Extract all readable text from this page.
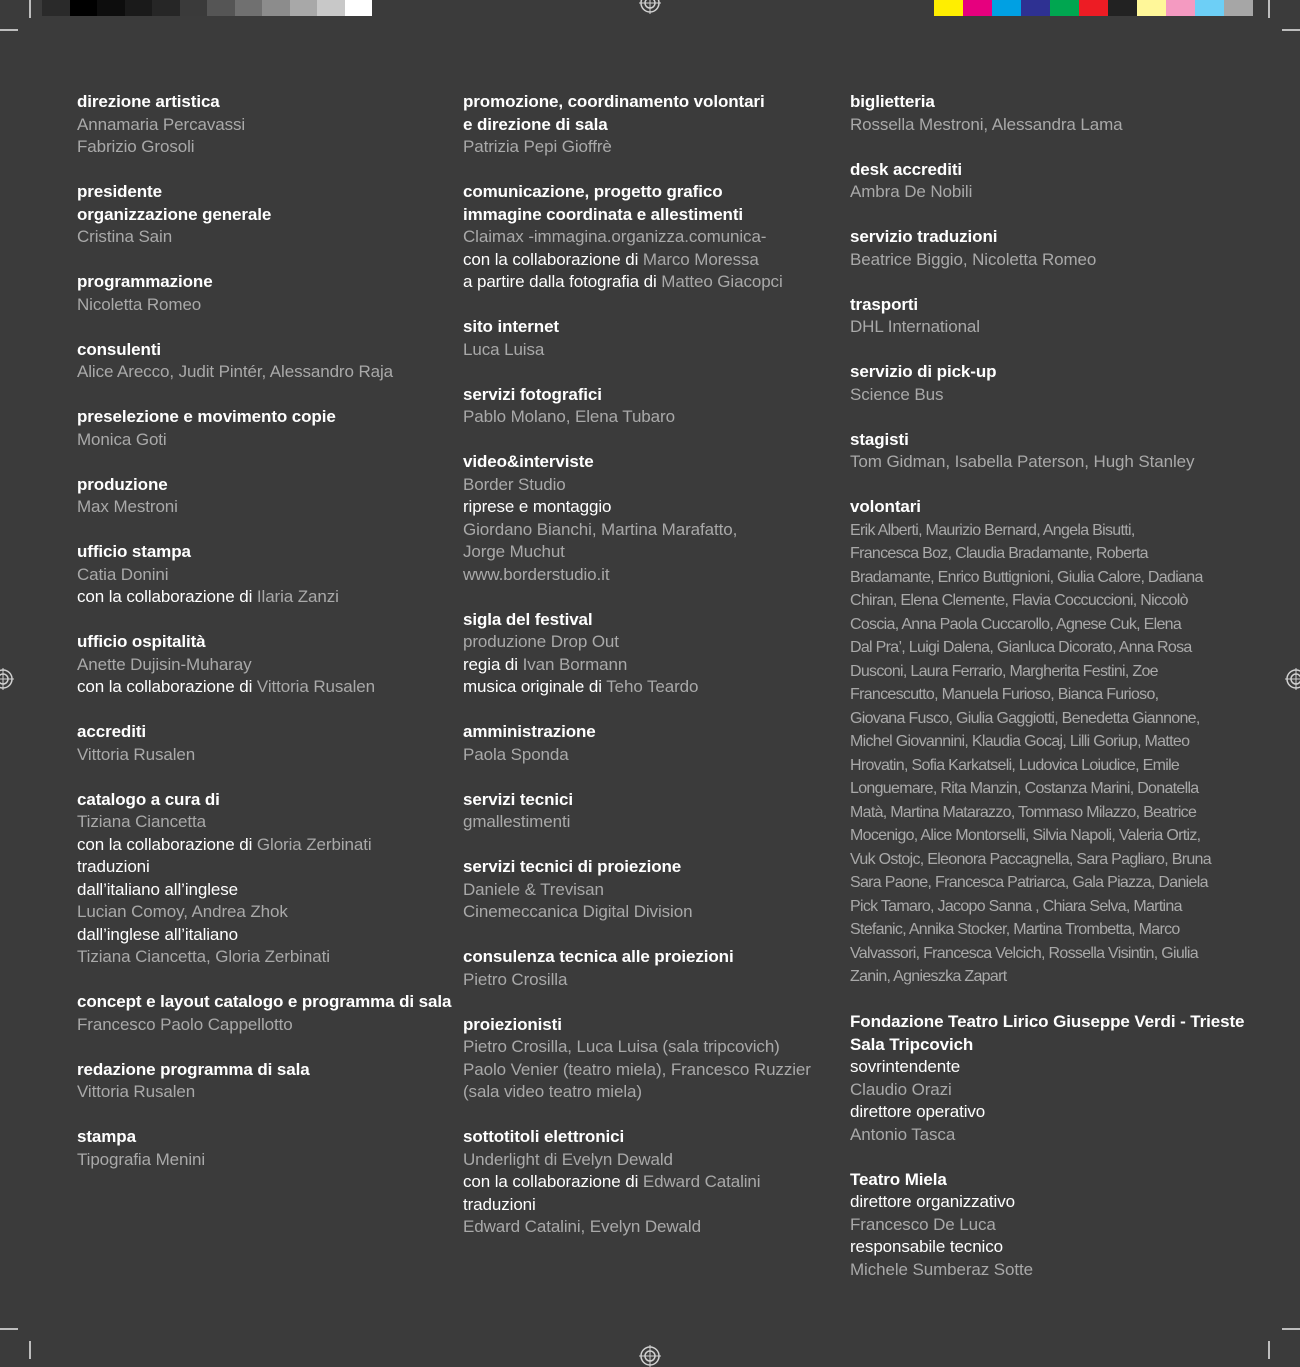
direzione artistica
Annamaria Percavassi
Fabrizio Grosoli
presidente
organizzazione generale
Cristina Sain
programmazione
Nicoletta Romeo
consulenti
Alice Arecco, Judit Pintér, Alessandro Raja
preselezione e movimento copie
Monica Goti
produzione
Max Mestroni
ufficio stampa
Catia Donini
con la collaborazione di Ilaria Zanzi
ufficio ospitalità
Anette Dujisin-Muharay
con la collaborazione di Vittoria Rusalen
accrediti
Vittoria Rusalen
catalogo a cura di
Tiziana Ciancetta
con la collaborazione di Gloria Zerbinati
traduzioni
dall’italiano all’inglese
Lucian Comoy, Andrea Zhok
dall’inglese all’italiano
Tiziana Ciancetta, Gloria Zerbinati
concept e layout catalogo e programma di sala
Francesco Paolo Cappellotto
redazione programma di sala
Vittoria Rusalen
stampa
Tipografia Menini
promozione, coordinamento volontari
e direzione di sala
Patrizia Pepi Gioffrè
comunicazione, progetto grafico
immagine coordinata e allestimenti
Claimax -immagina.organizza.comunica-
con la collaborazione di Marco Moressa
a partire dalla fotografia di Matteo Giacopci
sito internet
Luca Luisa
servizi fotografici
Pablo Molano, Elena Tubaro
video&interviste
Border Studio
riprese e montaggio
Giordano Bianchi, Martina Marafatto,
Jorge Muchut
www.borderstudio.it
sigla del festival
produzione Drop Out
regia di Ivan Bormann
musica originale di Teho Teardo
amministrazione
Paola Sponda
servizi tecnici
gmallestimenti
servizi tecnici di proiezione
Daniele & Trevisan
Cinemeccanica Digital Division
consulenza tecnica alle proiezioni
Pietro Crosilla
proiezionisti
Pietro Crosilla, Luca Luisa (sala tripcovich)
Paolo Venier (teatro miela), Francesco Ruzzier
(sala video teatro miela)
sottotitoli elettronici
Underlight di Evelyn Dewald
con la collaborazione di Edward Catalini
traduzioni
Edward Catalini, Evelyn Dewald
biglietteria
Rossella Mestroni, Alessandra Lama
desk accrediti
Ambra De Nobili
servizio traduzioni
Beatrice Biggio, Nicoletta Romeo
trasporti
DHL International
servizio di pick-up
Science Bus
stagisti
Tom Gidman, Isabella Paterson, Hugh Stanley
volontari
Erik Alberti, Maurizio Bernard, Angela Bisutti,
Francesca Boz, Claudia Bradamante, Roberta
Bradamante, Enrico Buttignioni, Giulia Calore, Dadiana
Chiran, Elena Clemente, Flavia Coccuccioni, Niccolò
Coscia, Anna Paola Cuccarollo, Agnese Cuk, Elena
Dal Pra’, Luigi Dalena, Gianluca Dicorato, Anna Rosa
Dusconi, Laura Ferrario, Margherita Festini, Zoe
Francescutto, Manuela Furioso, Bianca Furioso,
Giovana Fusco, Giulia Gaggiotti, Benedetta Giannone,
Michel Giovannini, Klaudia Gocaj, Lilli Goriup, Matteo
Hrovatin, Sofia Karkatseli, Ludovica Loiudice, Emile
Longuemare, Rita Manzin, Costanza Marini, Donatella
Matà, Martina Matarazzo, Tommaso Milazzo, Beatrice
Mocenigo, Alice Montorselli, Silvia Napoli, Valeria Ortiz,
Vuk Ostojc, Eleonora Paccagnella, Sara Pagliaro, Bruna
Sara Paone, Francesca Patriarca, Gala Piazza, Daniela
Pick Tamaro, Jacopo Sanna , Chiara Selva, Martina
Stefanic, Annika Stocker, Martina Trombetta, Marco
Valvassori, Francesca Velcich, Rossella Visintin, Giulia
Zanin, Agnieszka Zapart
Fondazione Teatro Lirico Giuseppe Verdi - Trieste
Sala Tripcovich
sovrintendente
Claudio Orazi
direttore operativo
Antonio Tasca
Teatro Miela
direttore organizzativo
Francesco De Luca
responsabile tecnico
Michele Sumberaz Sotte
